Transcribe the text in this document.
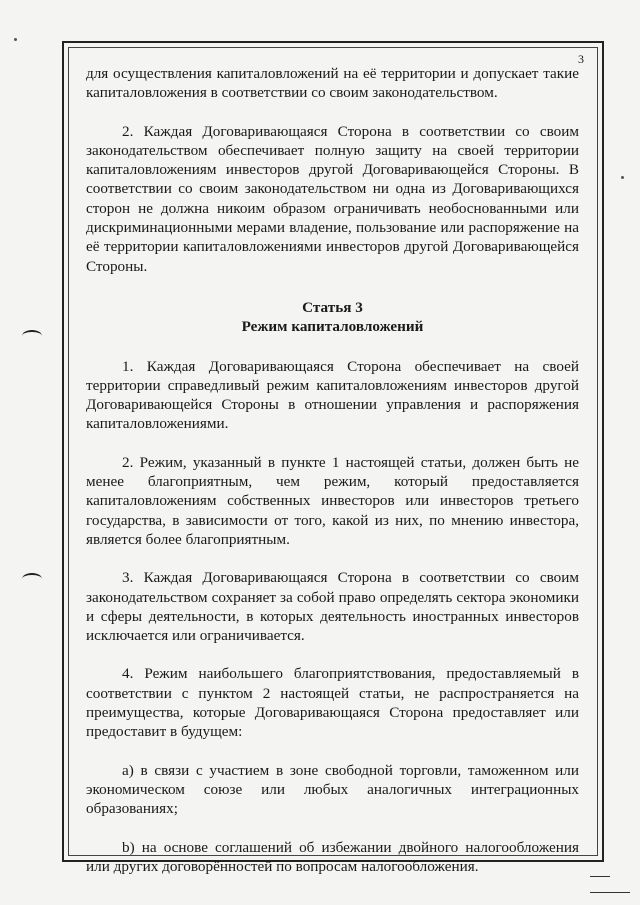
3

для осуществления капиталовложений на её территории и допускает такие капиталовложения в соответствии со своим законодательством.

2. Каждая Договаривающаяся Сторона в соответствии со своим законодательством обеспечивает полную защиту на своей территории капиталовложениям инвесторов другой Договаривающейся Стороны. В соответствии со своим законодательством ни одна из Договаривающихся сторон не должна никоим образом ограничивать необоснованными или дискриминационными мерами владение, пользование или распоряжение на её территории капиталовложениями инвесторов другой Договаривающейся Стороны.

Статья 3

Режим капиталовложений

1. Каждая Договаривающаяся Сторона обеспечивает на своей территории справедливый режим капиталовложениям инвесторов другой Договаривающейся Стороны в отношении управления и распоряжения капиталовложениями.

2. Режим, указанный в пункте 1 настоящей статьи, должен быть не менее благоприятным, чем режим, который предоставляется капиталовложениям собственных инвесторов или инвесторов третьего государства, в зависимости от того, какой из них, по мнению инвестора, является более благоприятным.

3. Каждая Договаривающаяся Сторона в соответствии со своим законодательством сохраняет за собой право определять сектора экономики и сферы деятельности, в которых деятельность иностранных инвесторов исключается или ограничивается.

4. Режим наибольшего благоприятствования, предоставляемый в соответствии с пунктом 2 настоящей статьи, не распространяется на преимущества, которые Договаривающаяся Сторона предоставляет или предоставит в будущем:

а) в связи с участием в зоне свободной торговли, таможенном или экономическом союзе или любых аналогичных интеграционных образованиях;

b) на основе соглашений об избежании двойного налогообложения или других договорённостей по вопросам налогообложения.
